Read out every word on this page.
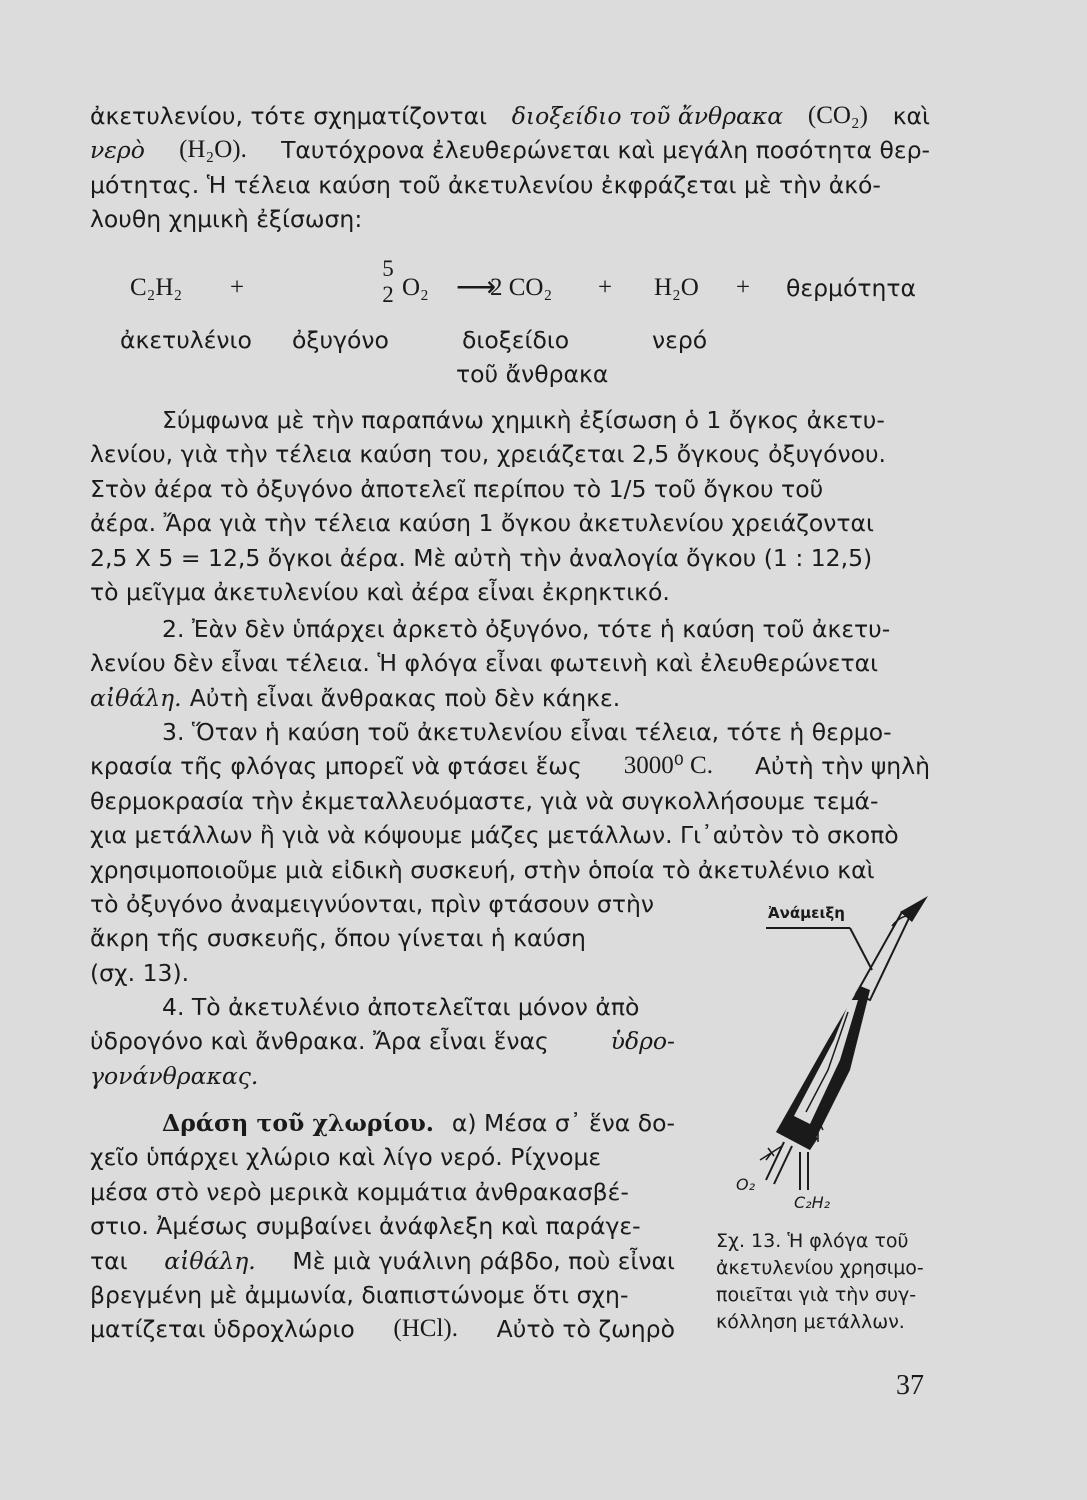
ἀκετυλενίου, τότε σχηματίζονται διοξείδιο τοῦ ἄνθρακα (CO₂) καὶ
νερὸ (H₂O). Ταυτόχρονα ἐλευθερώνεται καὶ μεγάλη ποσότητα θερ-
μότητας. Ἡ τέλεια καύση τοῦ ἀκετυλενίου ἐκφράζεται μὲ τὴν ἀκό-
λουθη χημικὴ ἐξίσωση:
C₂H₂ +
5
2 O₂ ⟶
2 CO₂ + H₂O + θερμότητα
ἀκετυλένιο ὀξυγόνο	διοξείδιο
τοῦ ἄνθρακα
νερό
Σύμφωνα μὲ τὴν παραπάνω χημικὴ ἐξίσωση ὁ 1 ὄγκος ἀκετυ-
λενίου, γιὰ τὴν τέλεια καύση του, χρειάζεται 2,5 ὄγκους ὀξυγόνου.
Στὸν ἀέρα τὸ ὀξυγόνο ἀποτελεῖ περίπου τὸ 1/5 τοῦ ὄγκου τοῦ
ἀέρα. Ἄρα γιὰ τὴν τέλεια καύση 1 ὄγκου ἀκετυλενίου χρειάζονται
2,5 X 5 = 12,5 ὄγκοι ἀέρα. Μὲ αὐτὴ τὴν ἀναλογία ὄγκου (1 : 12,5)
τὸ μεῖγμα ἀκετυλενίου καὶ ἀέρα εἶναι ἐκρηκτικό.
2. Ἐὰν δὲν ὑπάρχει ἀρκετὸ ὀξυγόνο, τότε ἡ καύση τοῦ ἀκετυ-
λενίου δὲν εἶναι τέλεια. Ἡ φλόγα εἶναι φωτεινὴ καὶ ἐλευθερώνεται
αἰθάλη. Αὐτὴ εἶναι ἄνθρακας ποὺ δὲν κάηκε.
3. Ὅταν ἡ καύση τοῦ ἀκετυλενίου εἶναι τέλεια, τότε ἡ θερμο-
κρασία τῆς φλόγας μπορεῖ νὰ φτάσει ἕως 3000⁰ C. Αὐτὴ τὴν ψηλὴ
θερμοκρασία τὴν ἐκμεταλλευόμαστε, γιὰ νὰ συγκολλήσουμε τεμά-
χια μετάλλων ἢ γιὰ νὰ κόψουμε μάζες μετάλλων. Γι᾽αὐτὸν τὸ σκοπὸ
χρησιμοποιοῦμε μιὰ εἰδικὴ συσκευή, στὴν ὁποία τὸ ἀκετυλένιο καὶ
τὸ ὀξυγόνο ἀναμειγνύονται, πρὶν φτάσουν στὴν
ἄκρη τῆς συσκευῆς, ὅπου γίνεται ἡ καύση
(σχ. 13).
4. Τὸ ἀκετυλένιο ἀποτελεῖται μόνον ἀπὸ
ὑδρογόνο καὶ ἄνθρακα. Ἄρα εἶναι ἕνας	ὑδρο-
γονάνθρακας.
Δράση τοῦ χλωρίου. α) Μέσα σ᾽ ἕνα δο-
χεῖο ὑπάρχει χλώριο καὶ λίγο νερό. Ρίχνομε
μέσα στὸ νερὸ μερικὰ κομμάτια ἀνθρακασβέ-
στιο. Ἀμέσως συμβαίνει ἀνάφλεξη καὶ παράγε-
ται αἰθάλη. Μὲ μιὰ γυάλινη ράβδο, ποὺ εἶναι
βρεγμένη μὲ ἀμμωνία, διαπιστώνομε ὅτι σχη-
ματίζεται ὑδροχλώριο (HCl). Αὐτὸ τὸ ζωηρὸ
Ἀνάμειξη
O₂
C₂H₂
Σχ. 13. Ἡ φλόγα τοῦ
ἀκετυλενίου χρησιμο-
ποιεῖται γιὰ τὴν συγ-
κόλληση μετάλλων.
37
